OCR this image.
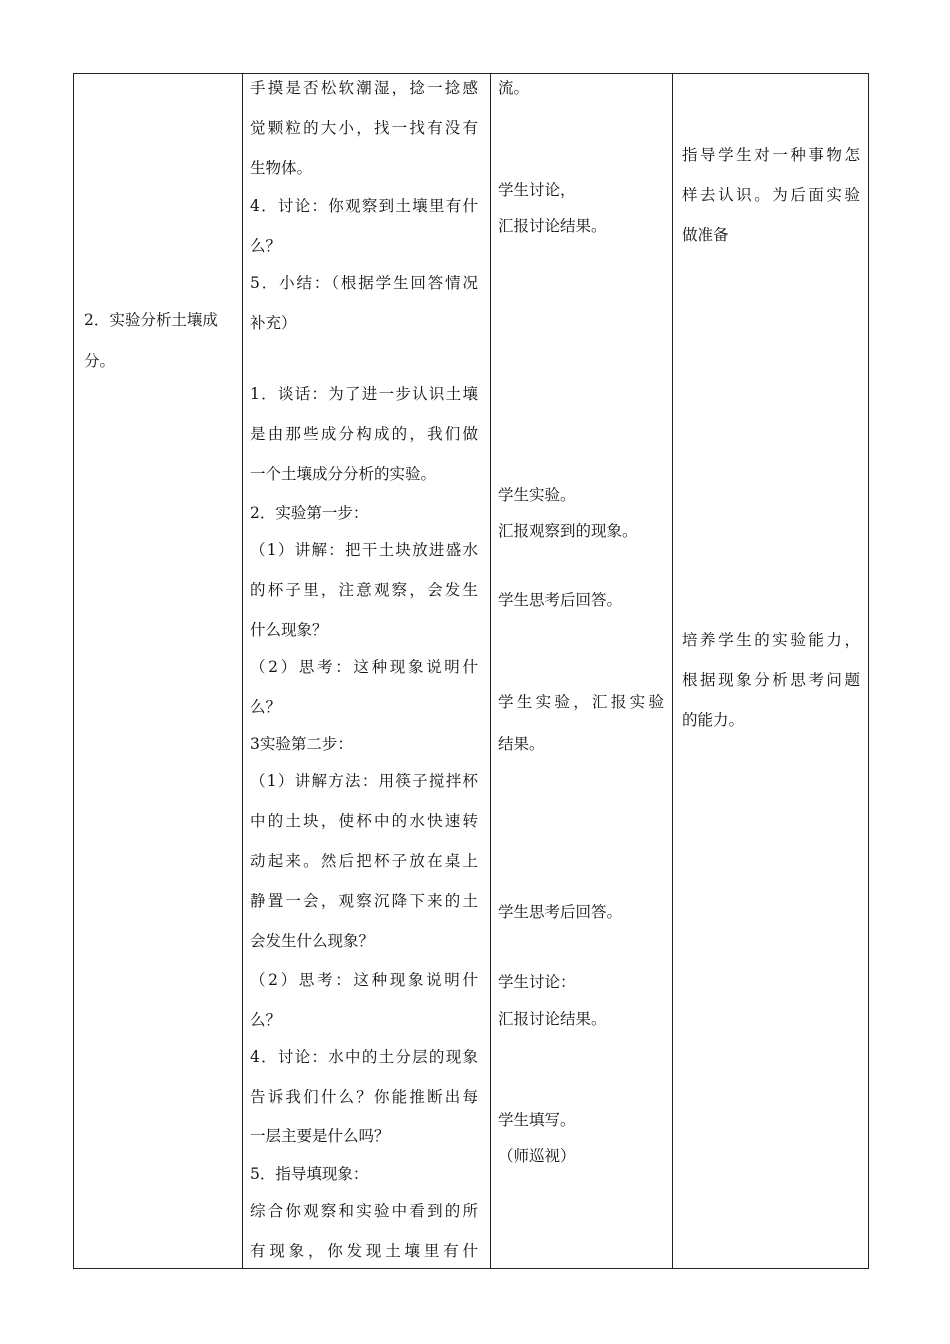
2．实验分析土壤成
分。
手摸是否松软潮湿，捻一捻感
觉颗粒的大小，找一找有没有
生物体。
4．讨论：你观察到土壤里有什
么？
5．小结：（根据学生回答情况
补充）
1．谈话：为了进一步认识土壤
是由那些成分构成的，我们做
一个土壤成分分析的实验。
2．实验第一步：
（1）讲解：把干土块放进盛水
的杯子里，注意观察，会发生
什么现象？
（2）思考：这种现象说明什
么？
3实验第二步：
（1）讲解方法：用筷子搅拌杯
中的土块，使杯中的水快速转
动起来。然后把杯子放在桌上
静置一会，观察沉降下来的土
会发生什么现象？
（2）思考：这种现象说明什
么？
4．讨论：水中的土分层的现象
告诉我们什么？你能推断出每
一层主要是什么吗？
5．指导填现象：
综合你观察和实验中看到的所
有现象，你发现土壤里有什
流。
学生讨论，
汇报讨论结果。
学生实验。
汇报观察到的现象。
学生思考后回答。
学生实验，汇报实验
结果。
学生思考后回答。
学生讨论：
汇报讨论结果。
学生填写。
（师巡视）
指导学生对一种事物怎
样去认识。为后面实验
做准备
培养学生的实验能力，
根据现象分析思考问题
的能力。
